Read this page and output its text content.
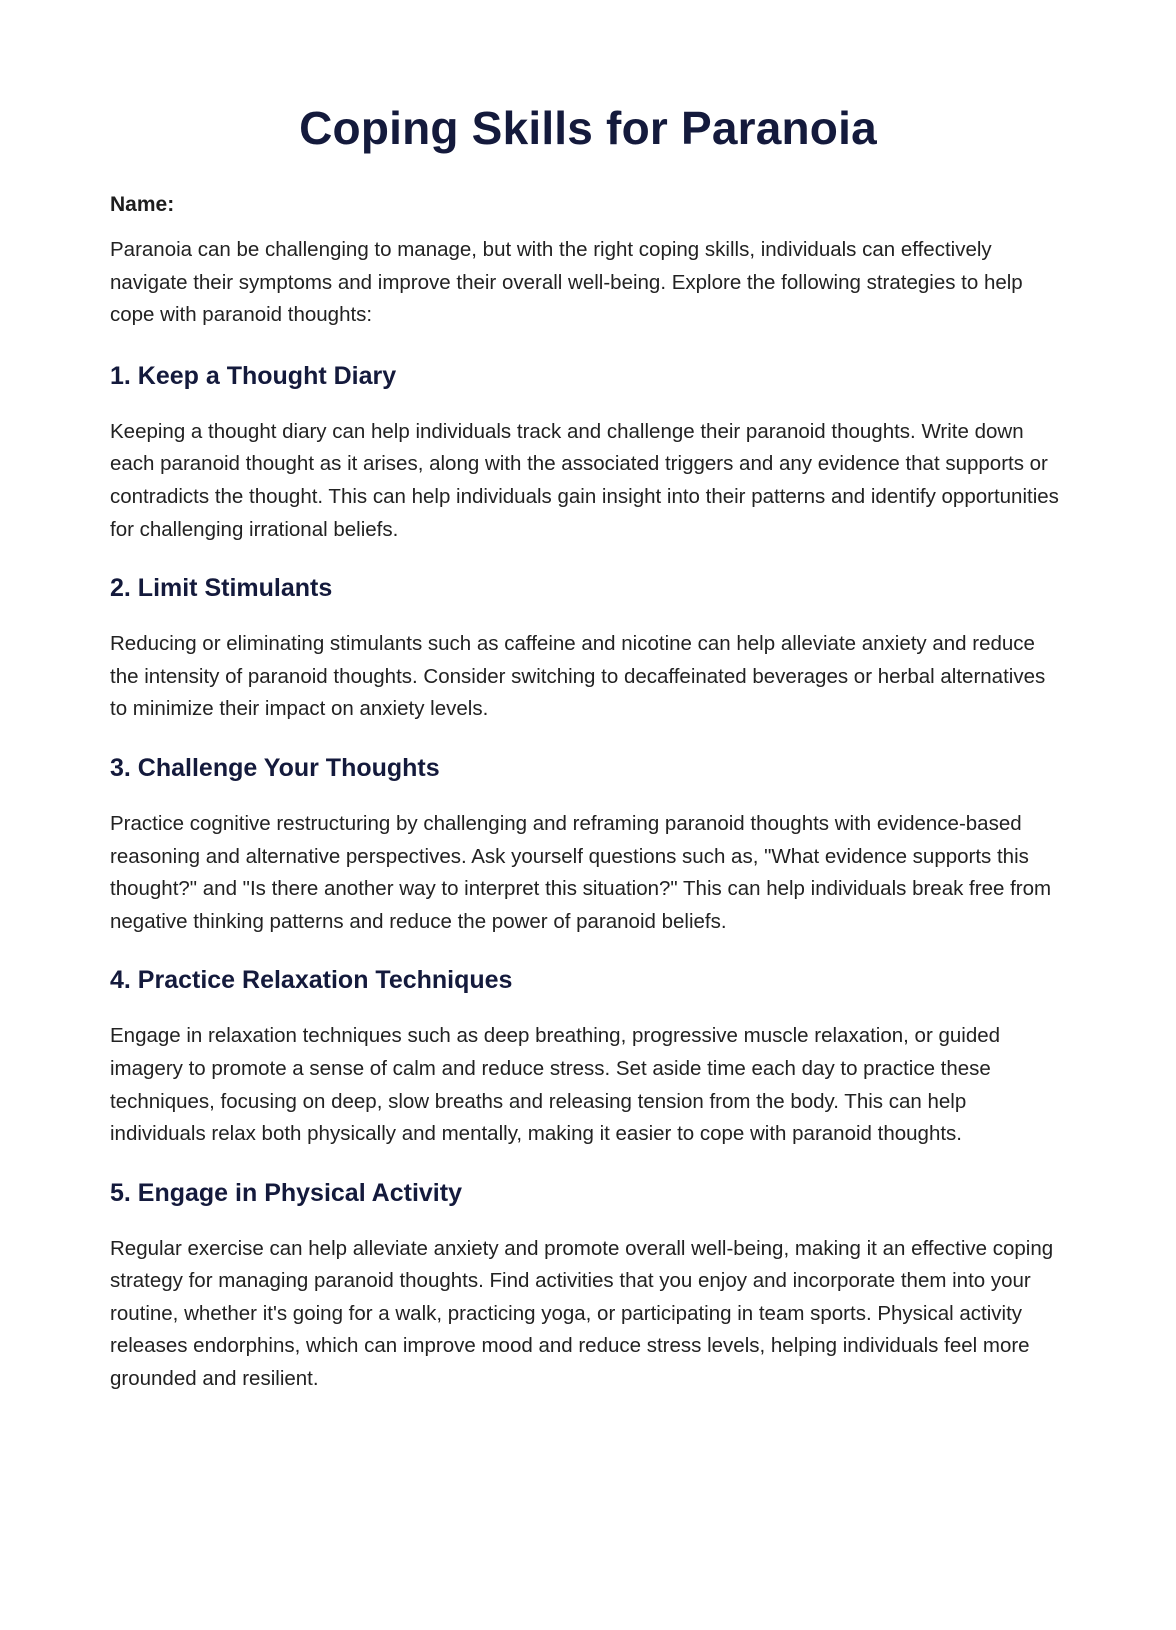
Coping Skills for Paranoia
Name:

Paranoia can be challenging to manage, but with the right coping skills, individuals can effectively navigate their symptoms and improve their overall well-being. Explore the following strategies to help cope with paranoid thoughts:

1. Keep a Thought Diary

Keeping a thought diary can help individuals track and challenge their paranoid thoughts. Write down each paranoid thought as it arises, along with the associated triggers and any evidence that supports or contradicts the thought. This can help individuals gain insight into their patterns and identify opportunities for challenging irrational beliefs.

2. Limit Stimulants

Reducing or eliminating stimulants such as caffeine and nicotine can help alleviate anxiety and reduce the intensity of paranoid thoughts. Consider switching to decaffeinated beverages or herbal alternatives to minimize their impact on anxiety levels.

3. Challenge Your Thoughts

Practice cognitive restructuring by challenging and reframing paranoid thoughts with evidence-based reasoning and alternative perspectives. Ask yourself questions such as, "What evidence supports this thought?" and "Is there another way to interpret this situation?" This can help individuals break free from negative thinking patterns and reduce the power of paranoid beliefs.

4. Practice Relaxation Techniques

Engage in relaxation techniques such as deep breathing, progressive muscle relaxation, or guided imagery to promote a sense of calm and reduce stress. Set aside time each day to practice these techniques, focusing on deep, slow breaths and releasing tension from the body. This can help individuals relax both physically and mentally, making it easier to cope with paranoid thoughts.

5. Engage in Physical Activity

Regular exercise can help alleviate anxiety and promote overall well-being, making it an effective coping strategy for managing paranoid thoughts. Find activities that you enjoy and incorporate them into your routine, whether it's going for a walk, practicing yoga, or participating in team sports. Physical activity releases endorphins, which can improve mood and reduce stress levels, helping individuals feel more grounded and resilient.
